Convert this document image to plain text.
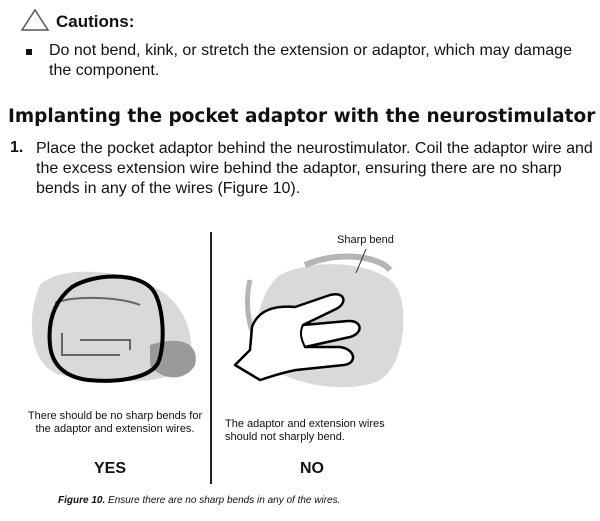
Cautions:
Do not bend, kink, or stretch the extension or adaptor, which may damage the component.
Implanting the pocket adaptor with the neurostimulator
1. Place the pocket adaptor behind the neurostimulator. Coil the adaptor wire and the excess extension wire behind the adaptor, ensuring there are no sharp bends in any of the wires (Figure 10).
Sharp bend
There should be no sharp bends for the adaptor and extension wires.	The adaptor and extension wires should not sharply bend.
YES	NO
Figure 10. Ensure there are no sharp bends in any of the wires.
